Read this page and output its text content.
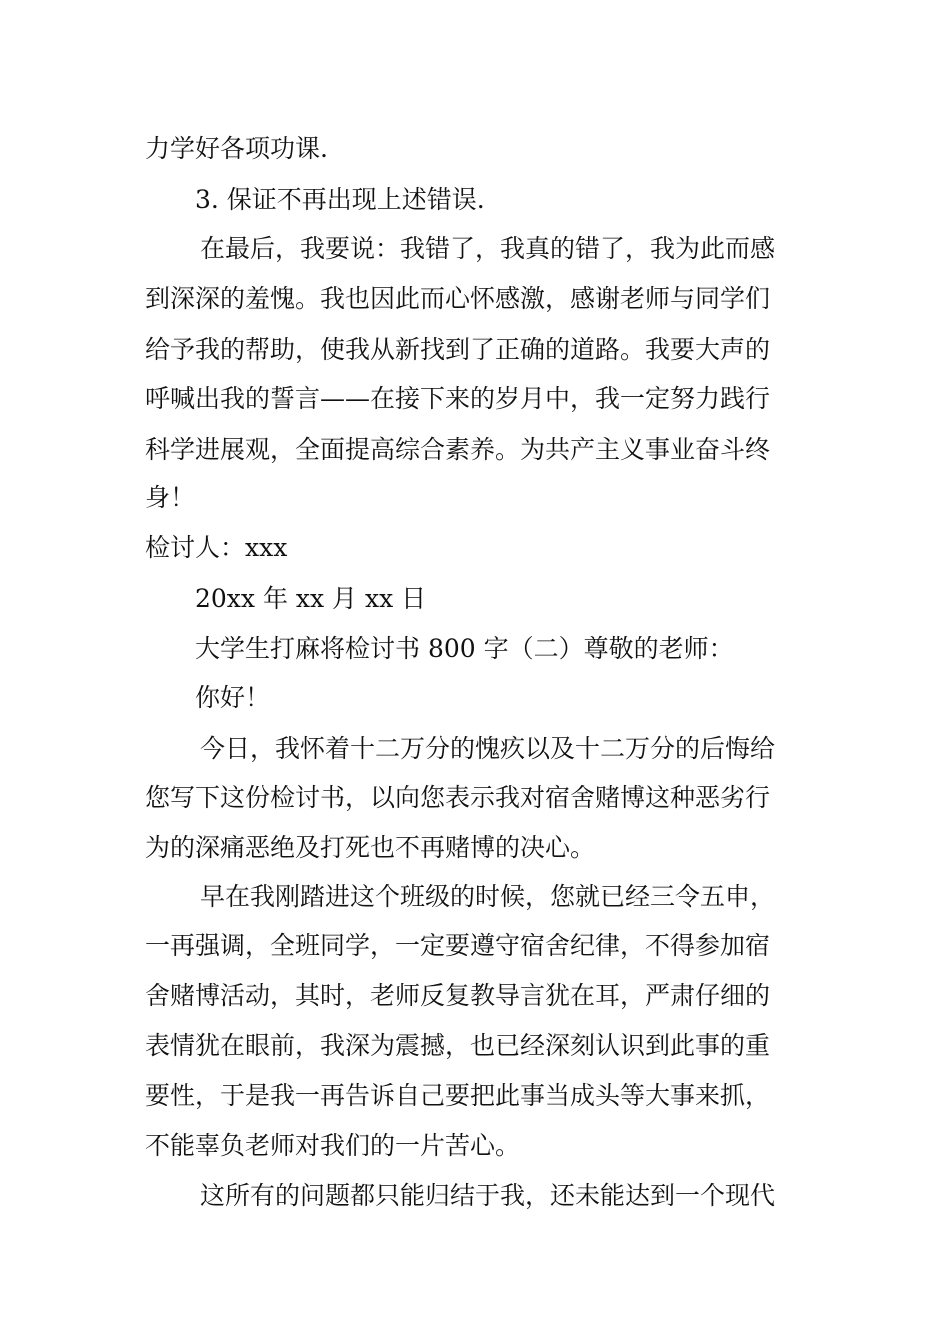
力学好各项功课.

3. 保证不再出现上述错误.

在最后，我要说：我错了，我真的错了，我为此而感

到深深的羞愧。我也因此而心怀感激，感谢老师与同学们

给予我的帮助，使我从新找到了正确的道路。我要大声的

呼喊出我的誓言——在接下来的岁月中，我一定努力践行

科学进展观，全面提高综合素养。为共产主义事业奋斗终

身！

检讨人：xxx

20xx 年 xx 月 xx 日

大学生打麻将检讨书 800 字（二）尊敬的老师：

你好！

今日，我怀着十二万分的愧疚以及十二万分的后悔给

您写下这份检讨书，以向您表示我对宿舍赌博这种恶劣行

为的深痛恶绝及打死也不再赌博的决心。

早在我刚踏进这个班级的时候，您就已经三令五申，

一再强调，全班同学，一定要遵守宿舍纪律，不得参加宿

舍赌博活动，其时，老师反复教导言犹在耳，严肃仔细的

表情犹在眼前，我深为震撼，也已经深刻认识到此事的重

要性，于是我一再告诉自己要把此事当成头等大事来抓，

不能辜负老师对我们的一片苦心。

这所有的问题都只能归结于我，还未能达到一个现代
